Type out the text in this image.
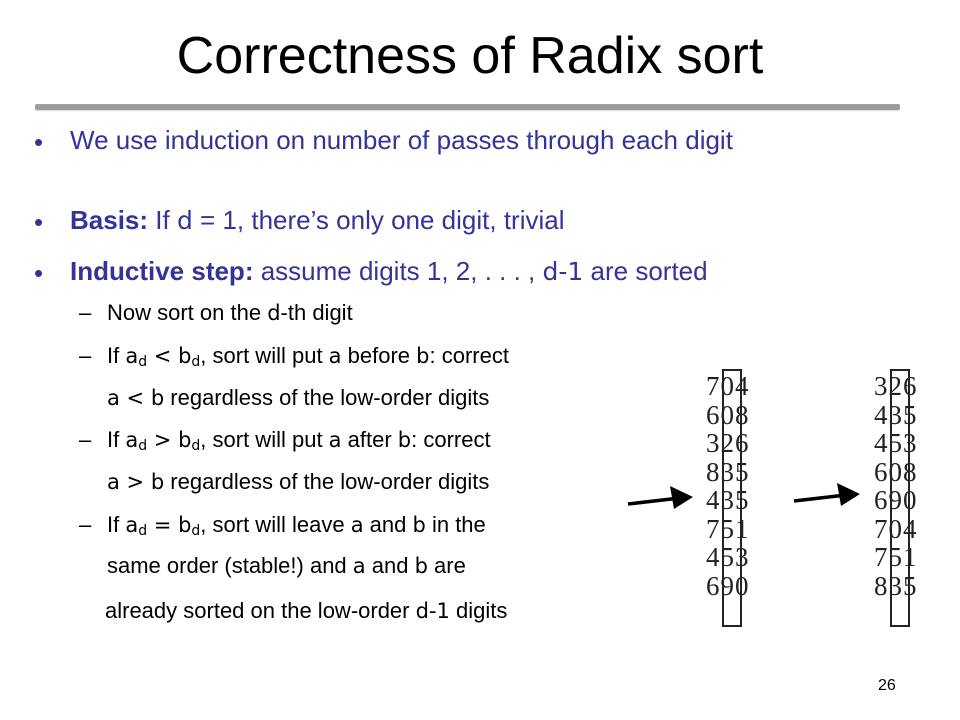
Correctness of Radix sort
• We use induction on number of passes through each digit
• Basis: If d = 1, there’s only one digit, trivial
• Inductive step: assume digits 1, 2, . . . , d-1 are sorted
– Now sort on the d-th digit
– If ad < bd, sort will put a before b: correct
a < b regardless of the low-order digits
– If ad > bd, sort will put a after b: correct
a > b regardless of the low-order digits
– If ad = bd, sort will leave a and b in the
same order (stable!) and a and b are
already sorted on the low-order d-1 digits
704
608
326
835
435
751
453
690
326
435
453
608
690
704
751
835
26
